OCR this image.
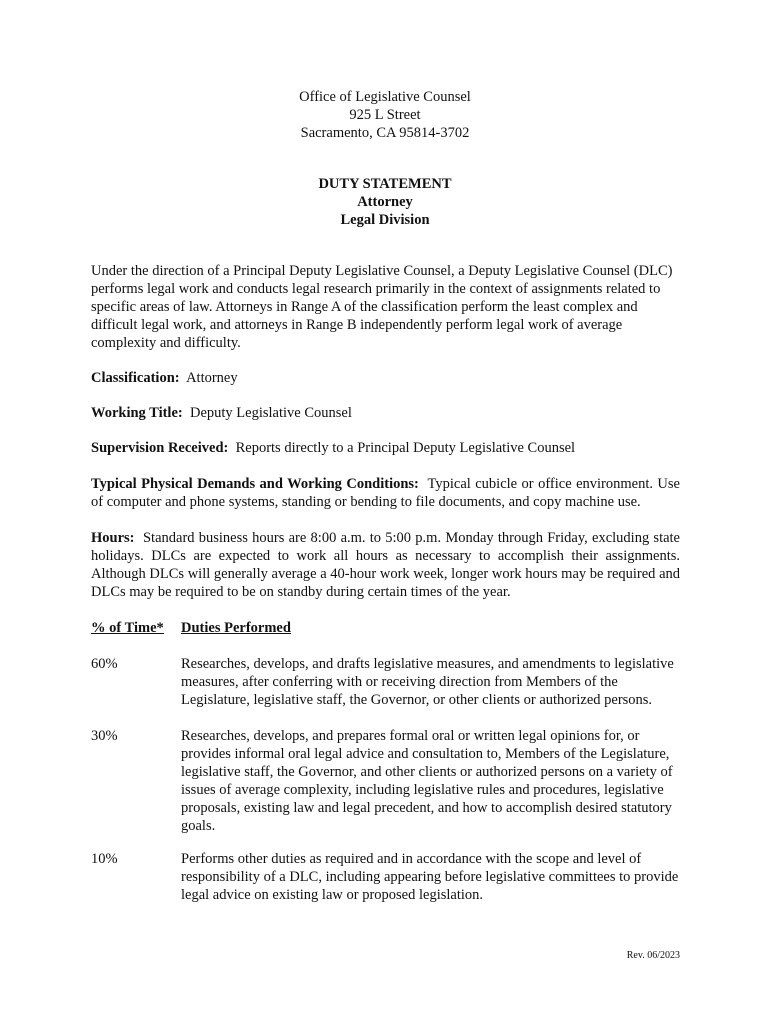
Office of Legislative Counsel
925 L Street
Sacramento, CA 95814-3702
DUTY STATEMENT
Attorney
Legal Division

Under the direction of a Principal Deputy Legislative Counsel, a Deputy Legislative Counsel (DLC) performs legal work and conducts legal research primarily in the context of assignments related to specific areas of law. Attorneys in Range A of the classification perform the least complex and difficult legal work, and attorneys in Range B independently perform legal work of average complexity and difficulty.

Classification: Attorney

Working Title: Deputy Legislative Counsel

Supervision Received: Reports directly to a Principal Deputy Legislative Counsel

Typical Physical Demands and Working Conditions: Typical cubicle or office environment. Use of computer and phone systems, standing or bending to file documents, and copy machine use.

Hours: Standard business hours are 8:00 a.m. to 5:00 p.m. Monday through Friday, excluding state holidays. DLCs are expected to work all hours as necessary to accomplish their assignments. Although DLCs will generally average a 40-hour work week, longer work hours may be required and DLCs may be required to be on standby during certain times of the year.

% of Time* Duties Performed
60%	Researches, develops, and drafts legislative measures, and amendments to legislative measures, after conferring with or receiving direction from Members of the Legislature, legislative staff, the Governor, or other clients or authorized persons.
30%	Researches, develops, and prepares formal oral or written legal opinions for, or provides informal oral legal advice and consultation to, Members of the Legislature, legislative staff, the Governor, and other clients or authorized persons on a variety of issues of average complexity, including legislative rules and procedures, legislative proposals, existing law and legal precedent, and how to accomplish desired statutory goals.
10%	Performs other duties as required and in accordance with the scope and level of responsibility of a DLC, including appearing before legislative committees to provide legal advice on existing law or proposed legislation.
Rev. 06/2023
